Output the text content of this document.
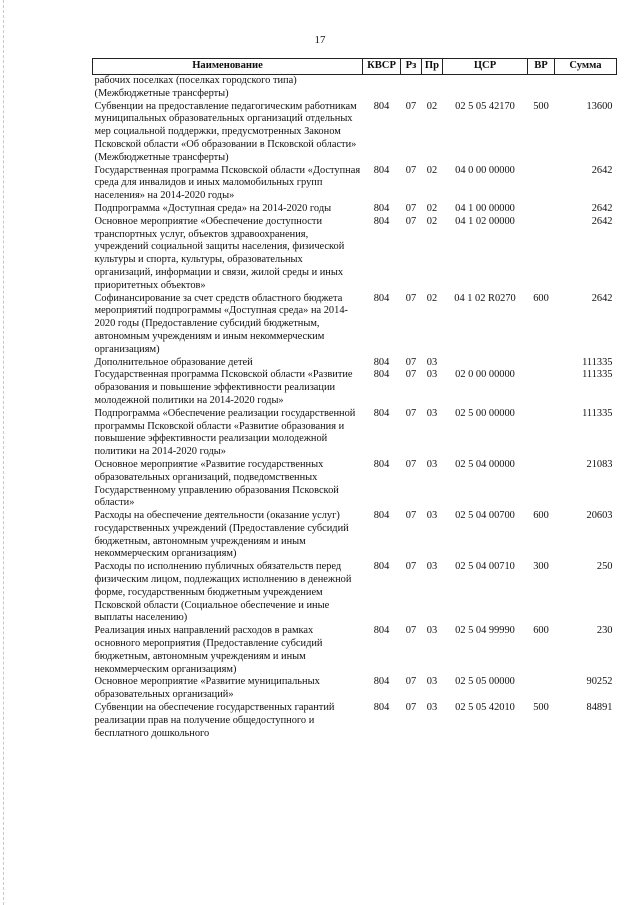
17
Наименование	КВСР	Рз	Пр	ЦСР	ВР	Сумма
рабочих поселках (поселках городского типа) (Межбюджетные трансферты)						
Субвенции на предоставление педагогическим работникам муниципальных образовательных организаций отдельных мер социальной поддержки, предусмотренных Законом Псковской области «Об образовании в Псковской области» (Межбюджетные трансферты)	804	07	02	02 5 05 42170	500	13600
Государственная программа Псковской области «Доступная среда для инвалидов и иных маломобильных групп населения» на 2014-2020 годы»	804	07	02	04 0 00 00000		2642
Подпрограмма «Доступная среда» на 2014-2020 годы	804	07	02	04 1 00 00000		2642
Основное мероприятие «Обеспечение доступности транспортных услуг, объектов здравоохранения, учреждений социальной защиты населения, физической культуры и спорта, культуры, образовательных организаций, информации и связи, жилой среды и иных приоритетных объектов»	804	07	02	04 1 02 00000		2642
Софинансирование за счет средств областного бюджета мероприятий подпрограммы «Доступная среда» на 2014-2020 годы (Предоставление субсидий бюджетным, автономным учреждениям и иным некоммерческим организациям)	804	07	02	04 1 02 R0270	600	2642
Дополнительное образование детей	804	07	03			111335
Государственная программа Псковской области «Развитие образования и повышение эффективности реализации молодежной политики на 2014-2020 годы»	804	07	03	02 0 00 00000		111335
Подпрограмма «Обеспечение реализации государственной программы Псковской области «Развитие образования и повышение эффективности реализации молодежной политики на 2014-2020 годы»	804	07	03	02 5 00 00000		111335
Основное мероприятие «Развитие государственных образовательных организаций, подведомственных Государственному управлению образования Псковской области»	804	07	03	02 5 04 00000		21083
Расходы на обеспечение деятельности (оказание услуг) государственных учреждений (Предоставление субсидий бюджетным, автономным учреждениям и иным некоммерческим организациям)	804	07	03	02 5 04 00700	600	20603
Расходы по исполнению публичных обязательств перед физическим лицом, подлежащих исполнению в денежной форме, государственным бюджетным учреждением Псковской области (Социальное обеспечение и иные выплаты населению)	804	07	03	02 5 04 00710	300	250
Реализация иных направлений расходов в рамках основного мероприятия (Предоставление субсидий бюджетным, автономным учреждениям и иным некоммерческим организациям)	804	07	03	02 5 04 99990	600	230
Основное мероприятие «Развитие муниципальных образовательных организаций»	804	07	03	02 5 05 00000		90252
Субвенции на обеспечение государственных гарантий реализации прав на получение общедоступного и бесплатного дошкольного	804	07	03	02 5 05 42010	500	84891
